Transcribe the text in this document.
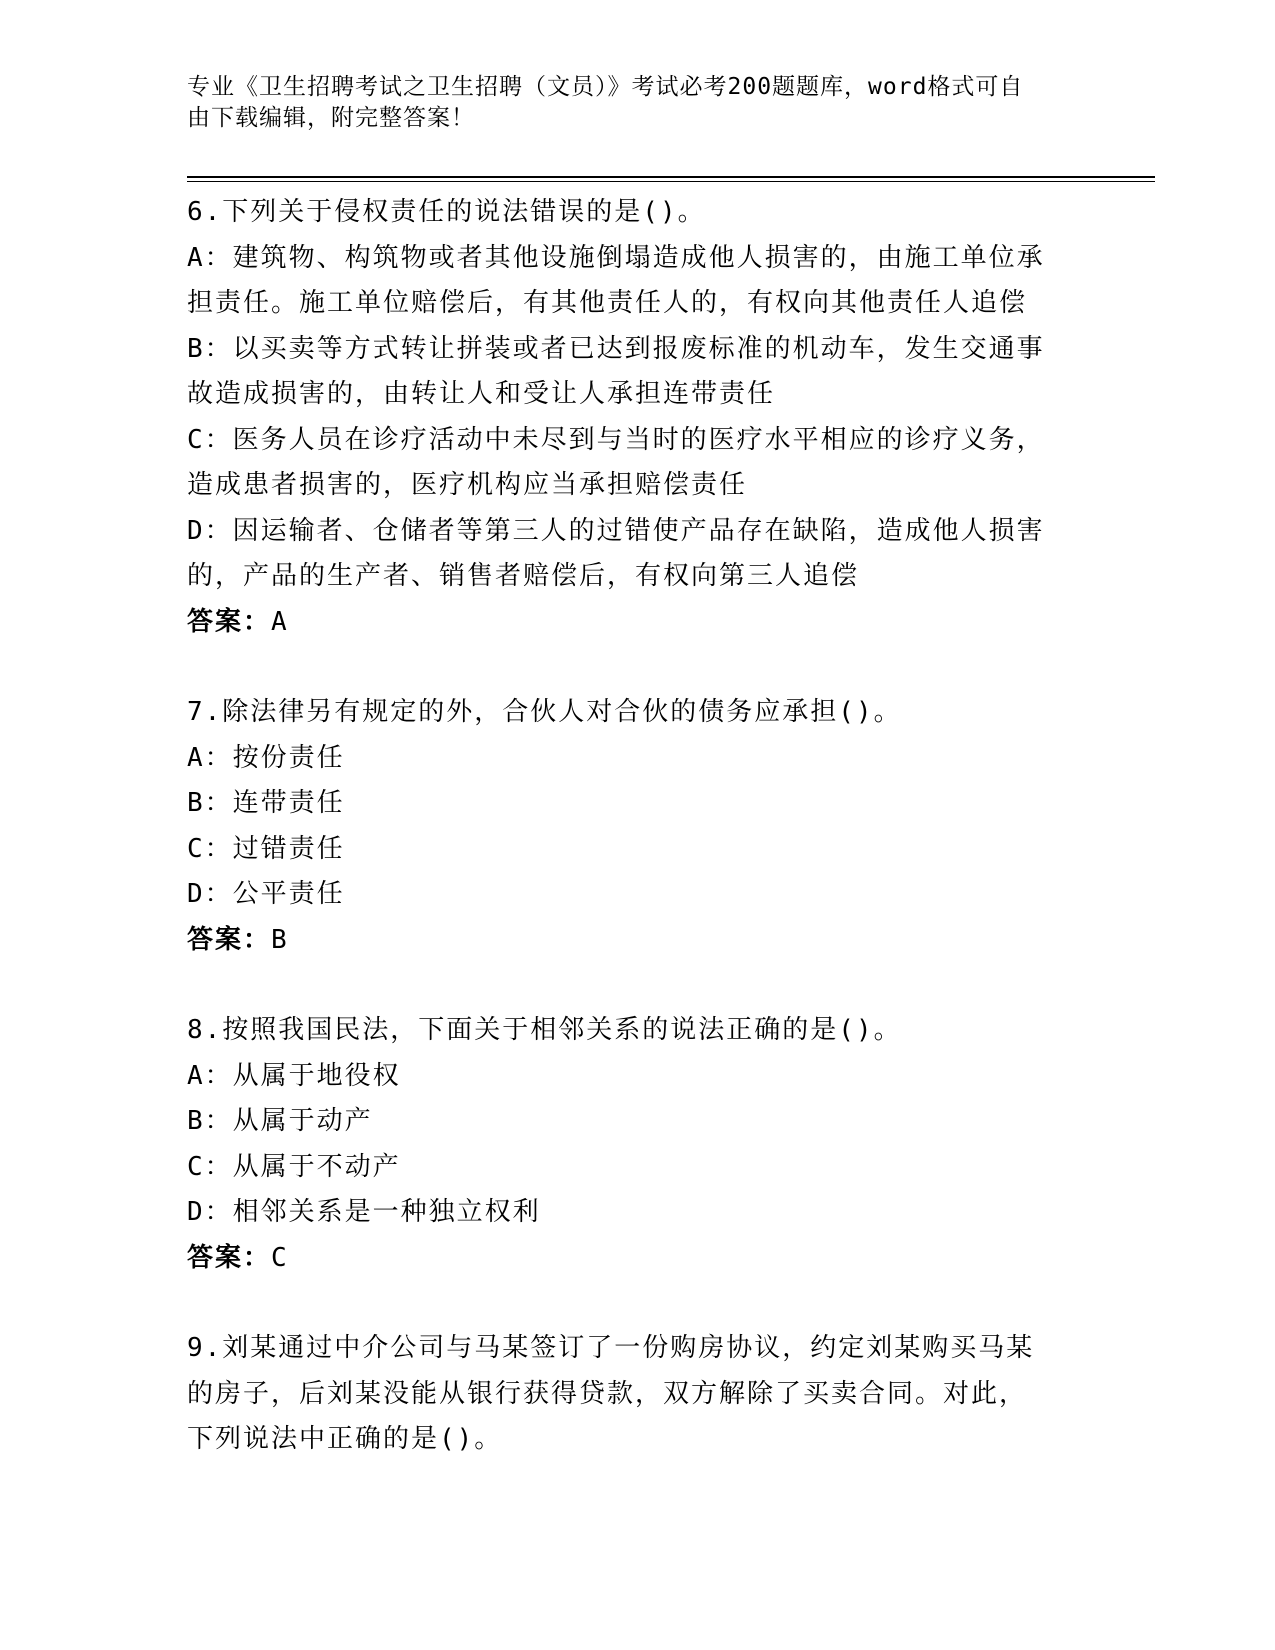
专业《卫生招聘考试之卫生招聘（文员）》考试必考200题题库，word格式可自
由下载编辑，附完整答案！
6.下列关于侵权责任的说法错误的是()。
A：建筑物、构筑物或者其他设施倒塌造成他人损害的，由施工单位承
担责任。施工单位赔偿后，有其他责任人的，有权向其他责任人追偿
B：以买卖等方式转让拼装或者已达到报废标准的机动车，发生交通事
故造成损害的，由转让人和受让人承担连带责任
C：医务人员在诊疗活动中未尽到与当时的医疗水平相应的诊疗义务，
造成患者损害的，医疗机构应当承担赔偿责任
D：因运输者、仓储者等第三人的过错使产品存在缺陷，造成他人损害
的，产品的生产者、销售者赔偿后，有权向第三人追偿
答案：A
7.除法律另有规定的外，合伙人对合伙的债务应承担()。
A：按份责任
B：连带责任
C：过错责任
D：公平责任
答案：B
8.按照我国民法，下面关于相邻关系的说法正确的是()。
A：从属于地役权
B：从属于动产
C：从属于不动产
D：相邻关系是一种独立权利
答案：C
9.刘某通过中介公司与马某签订了一份购房协议，约定刘某购买马某
的房子，后刘某没能从银行获得贷款，双方解除了买卖合同。对此，
下列说法中正确的是()。
